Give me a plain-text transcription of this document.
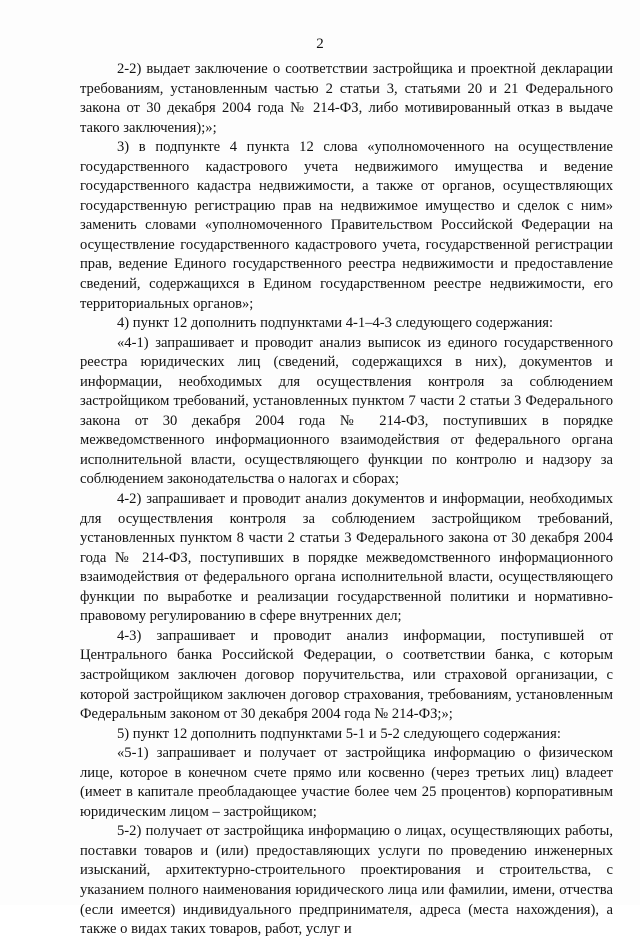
2

2-2) выдает заключение о соответствии застройщика и проектной декларации требованиям, установленным частью 2 статьи 3, статьями 20 и 21 Федерального закона от 30 декабря 2004 года № 214-ФЗ, либо мотивированный отказ в выдаче такого заключения);»;

3) в подпункте 4 пункта 12 слова «уполномоченного на осуществление государственного кадастрового учета недвижимого имущества и ведение государственного кадастра недвижимости, а также от органов, осуществляющих государственную регистрацию прав на недвижимое имущество и сделок с ним» заменить словами «уполномоченного Правительством Российской Федерации на осуществление государственного кадастрового учета, государственной регистрации прав, ведение Единого государственного реестра недвижимости и предоставление сведений, содержащихся в Едином государственном реестре недвижимости, его территориальных органов»;

4) пункт 12 дополнить подпунктами 4-1–4-3 следующего содержания:

«4-1) запрашивает и проводит анализ выписок из единого государственного реестра юридических лиц (сведений, содержащихся в них), документов и информации, необходимых для осуществления контроля за соблюдением застройщиком требований, установленных пунктом 7 части 2 статьи 3 Федерального закона от 30 декабря 2004 года № 214-ФЗ, поступивших в порядке межведомственного информационного взаимодействия от федерального органа исполнительной власти, осуществляющего функции по контролю и надзору за соблюдением законодательства о налогах и сборах;

4-2) запрашивает и проводит анализ документов и информации, необходимых для осуществления контроля за соблюдением застройщиком требований, установленных пунктом 8 части 2 статьи 3 Федерального закона от 30 декабря 2004 года № 214-ФЗ, поступивших в порядке межведомственного информационного взаимодействия от федерального органа исполнительной власти, осуществляющего функции по выработке и реализации государственной политики и нормативно-правовому регулированию в сфере внутренних дел;

4-3) запрашивает и проводит анализ информации, поступившей от Центрального банка Российской Федерации, о соответствии банка, с которым застройщиком заключен договор поручительства, или страховой организации, с которой застройщиком заключен договор страхования, требованиям, установленным Федеральным законом от 30 декабря 2004 года № 214-ФЗ;»;

5) пункт 12 дополнить подпунктами 5-1 и 5-2 следующего содержания:

«5-1) запрашивает и получает от застройщика информацию о физическом лице, которое в конечном счете прямо или косвенно (через третьих лиц) владеет (имеет в капитале преобладающее участие более чем 25 процентов) корпоративным юридическим лицом – застройщиком;

5-2) получает от застройщика информацию о лицах, осуществляющих работы, поставки товаров и (или) предоставляющих услуги по проведению инженерных изысканий, архитектурно-строительного проектирования и строительства, с указанием полного наименования юридического лица или фамилии, имени, отчества (если имеется) индивидуального предпринимателя, адреса (места нахождения), а также о видах таких товаров, работ, услуг и
